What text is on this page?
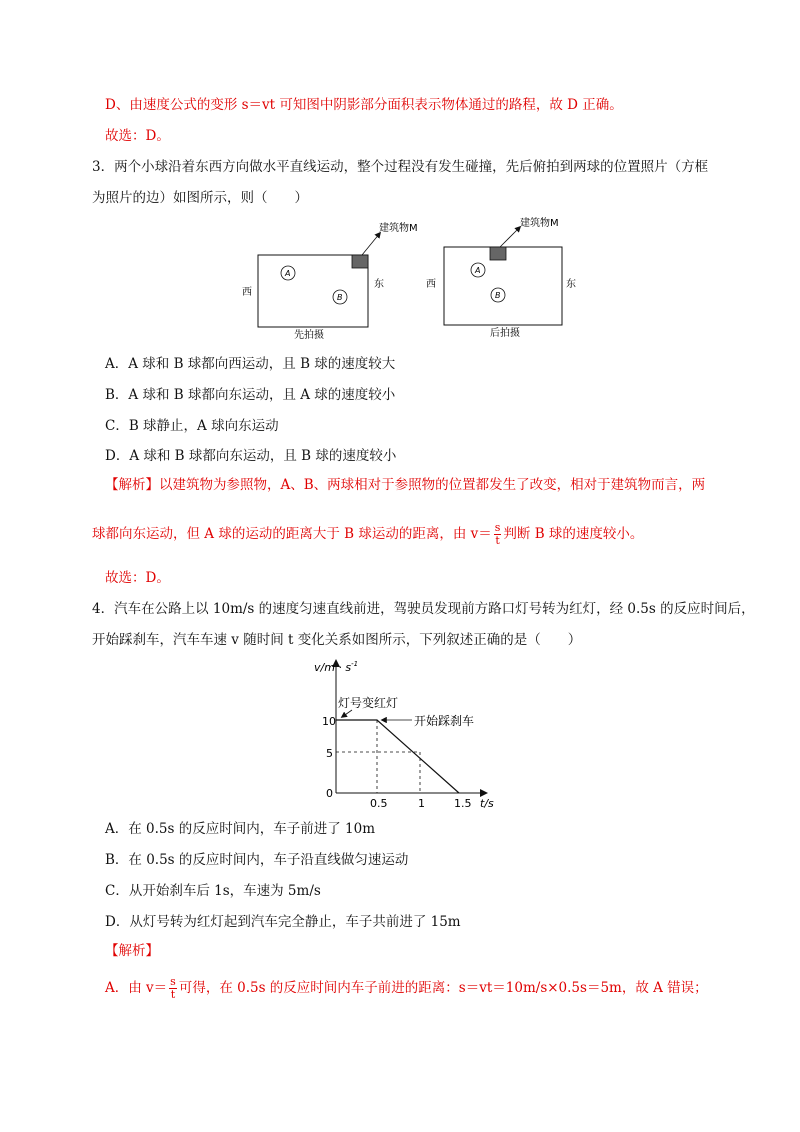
D、由速度公式的变形 s＝vt 可知图中阴影部分面积表示物体通过的路程，故 D 正确。
故选：D。
3．两个小球沿着东西方向做水平直线运动，整个过程没有发生碰撞，先后俯拍到两球的位置照片（方框
为照片的边）如图所示，则（　　）
建筑物M
A
B
西
东
先拍摄
建筑物M
A
B
西	东
后拍摄
A．A 球和 B 球都向西运动，且 B 球的速度较大
B．A 球和 B 球都向东运动，且 A 球的速度较小
C．B 球静止，A 球向东运动
D．A 球和 B 球都向东运动，且 B 球的速度较小
【解析】以建筑物为参照物，A、B、两球相对于参照物的位置都发生了改变，相对于建筑物而言，两
球都向东运动，但 A 球的运动的距离大于 B 球运动的距离，由 $v= \frac{s}{t}$ 判断 B 球的速度较小。
故选：D。
4．汽车在公路上以 10m/s 的速度匀速直线前进，驾驶员发现前方路口灯号转为红灯，经 0.5s 的反应时间后，
开始踩刹车，汽车车速 v 随时间 t 变化关系如图所示，下列叙述正确的是（　　）
$v/m \cdot s^{-1}$
t/s
10
5
0
0.5	1	1.5
灯号变红灯
开始踩刹车
A．在 0.5s 的反应时间内，车子前进了 10m
B．在 0.5s 的反应时间内，车子沿直线做匀速运动
C．从开始刹车后 1s，车速为 5m/s
D．从灯号转为红灯起到汽车完全静止，车子共前进了 15m
【解析】
A．由 $v= \frac{s}{t}$ 可得，在 0.5s 的反应时间内车子前进的距离：s＝vt＝10m/s×0.5s＝5m，故 A 错误；
